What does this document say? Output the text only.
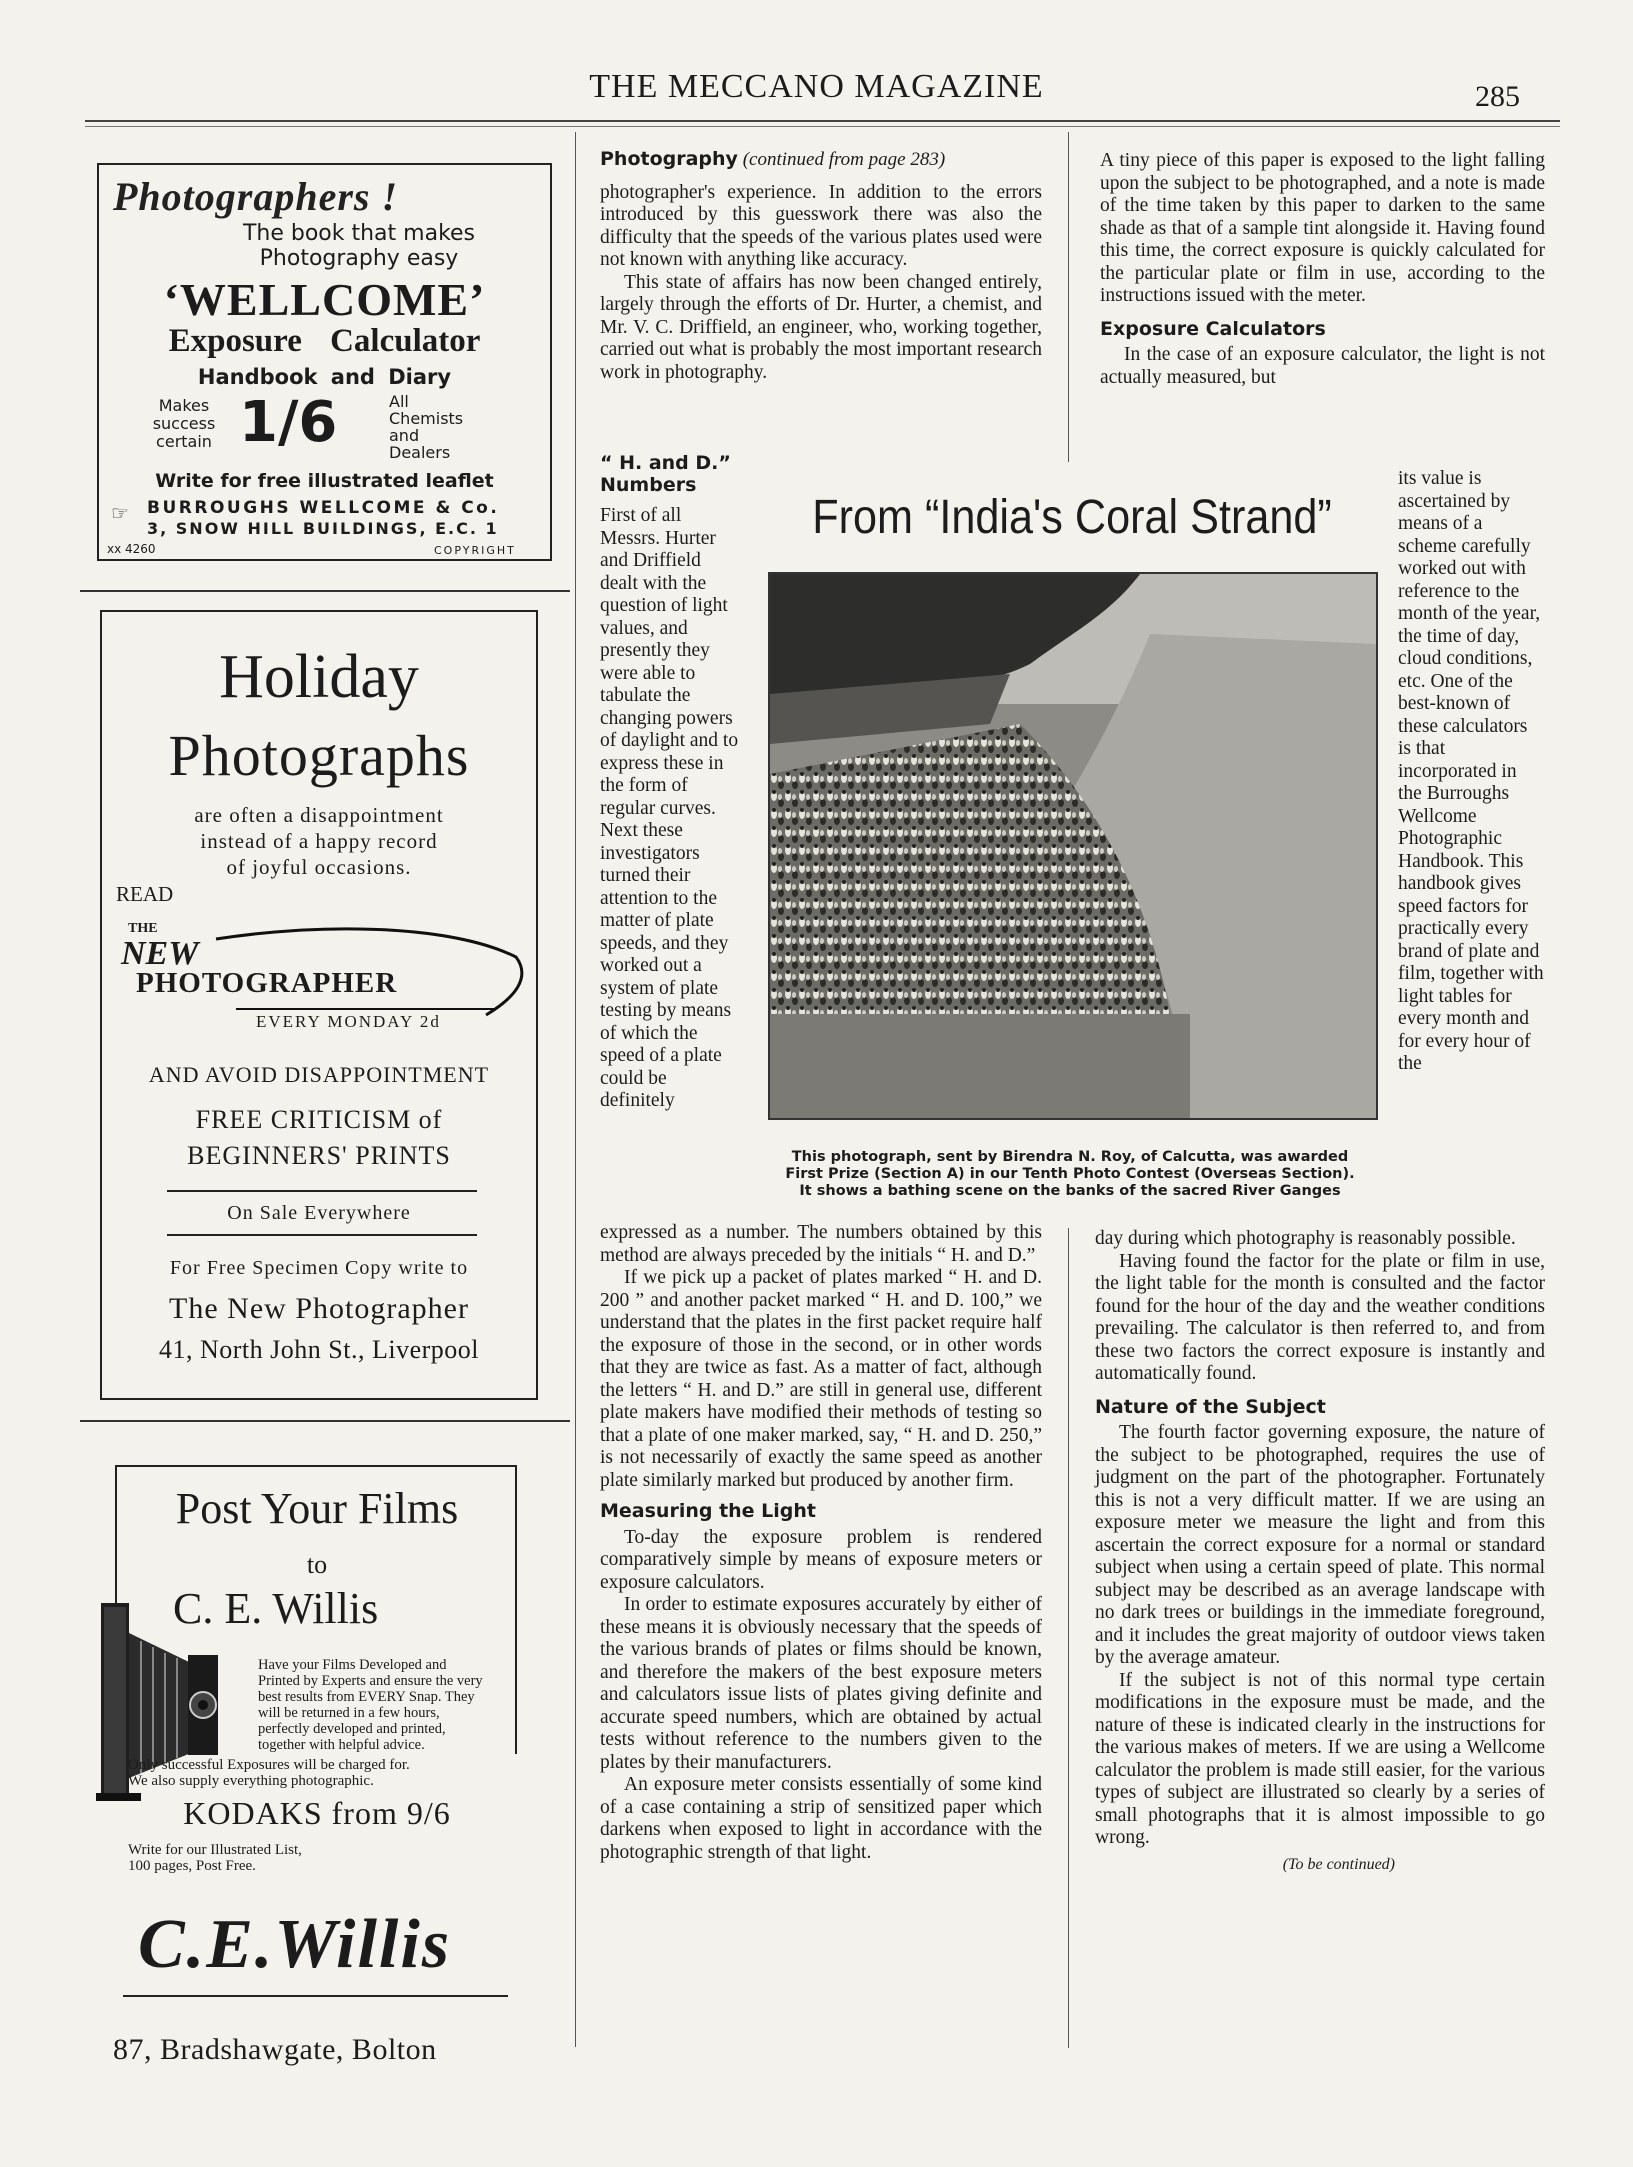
THE MECCANO MAGAZINE	285
Photographers !
The book that makes
Photography easy
‘WELLCOME’
Exposure Calculator
Handbook and Diary
Makes
success
certain 1/6	All
Chemists
and
Dealers
Write for free illustrated leaflet
☞ BURROUGHS WELLCOME & Co.
3, SNOW HILL BUILDINGS, E.C. 1
xx 4260	COPYRIGHT
Holiday
Photographs
are often a disappointment
instead of a happy record
of joyful occasions.
READ
THE
NEW
PHOTOGRAPHER
EVERY MONDAY 2d
AND AVOID DISAPPOINTMENT
FREE CRITICISM of
BEGINNERS' PRINTS
On Sale Everywhere
For Free Specimen Copy write to
The New Photographer
41, North John St., Liverpool
Post Your Films
to
C. E. Willis
Have your Films Developed and Printed by Experts and ensure the very best results from EVERY Snap. They will be returned in a few hours, perfectly developed and printed, together with helpful advice.
Only successful Exposures will be charged for.
We also supply everything photographic.
KODAKS from 9/6
Write for our Illustrated List, 100 pages, Post Free.
C.E.Willis
87, Bradshawgate, Bolton
Photography (continued from page 283)

photographer's experience. In addition to the errors introduced by this guesswork there was also the difficulty that the speeds of the various plates used were not known with anything like accuracy.

This state of affairs has now been changed entirely, largely through the efforts of Dr. Hurter, a chemist, and Mr. V. C. Driffield, an engineer, who, working together, carried out what is probably the most important research work in photography.

“ H. and D.” Numbers
First of all Messrs. Hurter and Driffield dealt with the question of light values, and presently they were able to tabulate the changing powers of daylight and to express these in the form of regular curves. Next these investigators turned their attention to the matter of plate speeds, and they worked out a system of plate testing by means of which the speed of a plate could be definitely

expressed as a number. The numbers obtained by this method are always preceded by the initials “ H. and D.”

If we pick up a packet of plates marked “ H. and D. 200 ” and another packet marked “ H. and D. 100,” we understand that the plates in the first packet require half the exposure of those in the second, or in other words that they are twice as fast. As a matter of fact, although the letters “ H. and D.” are still in general use, different plate makers have modified their methods of testing so that a plate of one maker marked, say, “ H. and D. 250,” is not necessarily of exactly the same speed as another plate similarly marked but produced by another firm.

Measuring the Light

To-day the exposure problem is rendered comparatively simple by means of exposure meters or exposure calculators.

In order to estimate exposures accurately by either of these means it is obviously necessary that the speeds of the various brands of plates or films should be known, and therefore the makers of the best exposure meters and calculators issue lists of plates giving definite and accurate speed numbers, which are obtained by actual tests without reference to the numbers given to the plates by their manufacturers.

An exposure meter consists essentially of some kind of a case containing a strip of sensitized paper which darkens when exposed to light in accordance with the photographic strength of that light.

From “India's Coral Strand”
This photograph, sent by Birendra N. Roy, of Calcutta, was awarded
First Prize (Section A) in our Tenth Photo Contest (Overseas Section).
It shows a bathing scene on the banks of the sacred River Ganges

A tiny piece of this paper is exposed to the light falling upon the subject to be photographed, and a note is made of the time taken by this paper to darken to the same shade as that of a sample tint alongside it. Having found this time, the correct exposure is quickly calculated for the particular plate or film in use, according to the instructions issued with the meter.

Exposure Calculators

In the case of an exposure calculator, the light is not actually measured, but

its value is ascertained by means of a scheme carefully worked out with reference to the month of the year, the time of day, cloud conditions, etc. One of the best-known of these calculators is that incorporated in the Burroughs Wellcome Photographic Handbook. This handbook gives speed factors for practically every brand of plate and film, together with light tables for every month and for every hour of the

day during which photography is reasonably possible.

Having found the factor for the plate or film in use, the light table for the month is consulted and the factor found for the hour of the day and the weather conditions prevailing. The calculator is then referred to, and from these two factors the correct exposure is instantly and automatically found.

Nature of the Subject

The fourth factor governing exposure, the nature of the subject to be photographed, requires the use of judgment on the part of the photographer. Fortunately this is not a very difficult matter. If we are using an exposure meter we measure the light and from this ascertain the correct exposure for a normal or standard subject when using a certain speed of plate. This normal subject may be described as an average landscape with no dark trees or buildings in the immediate foreground, and it includes the great majority of outdoor views taken by the average amateur.

If the subject is not of this normal type certain modifications in the exposure must be made, and the nature of these is indicated clearly in the instructions for the various makes of meters. If we are using a Wellcome calculator the problem is made still easier, for the various types of subject are illustrated so clearly by a series of small photographs that it is almost impossible to go wrong.

(To be continued)
